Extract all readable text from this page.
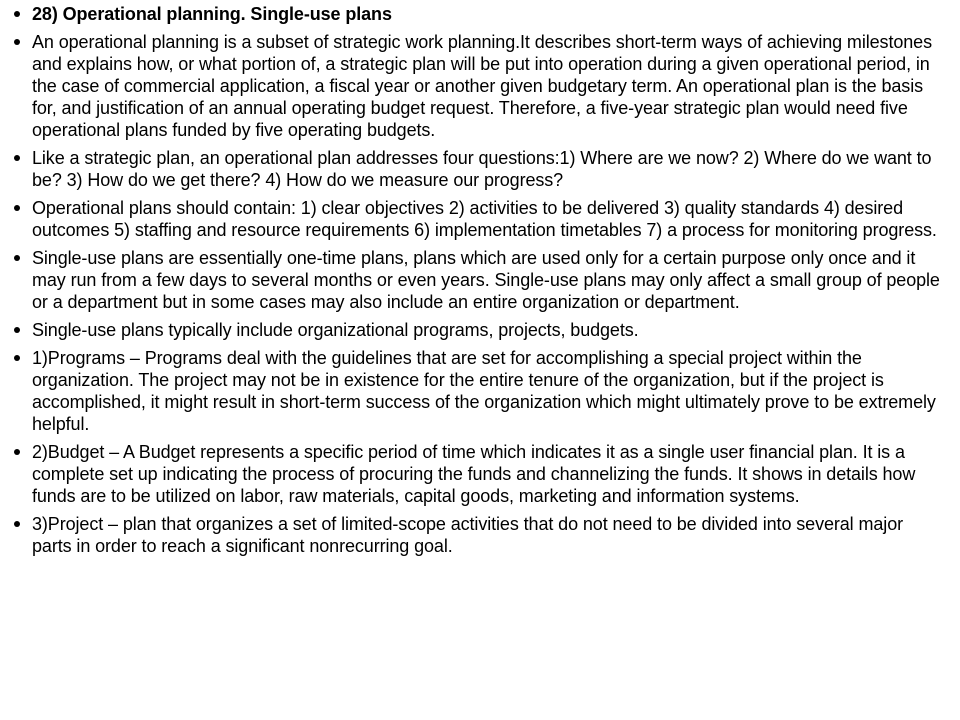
28) Operational planning. Single-use plans
An operational planning is a subset of strategic work planning.It describes short-term ways of achieving milestones and explains how, or what portion of, a strategic plan will be put into operation during a given operational period, in the case of commercial application, a fiscal year or another given budgetary term. An operational plan is the basis for, and justification of an annual operating budget request. Therefore, a five-year strategic plan would need five operational plans funded by five operating budgets.
Like a strategic plan, an operational plan addresses four questions:1) Where are we now? 2) Where do we want to be? 3) How do we get there? 4) How do we measure our progress?
Operational plans should contain: 1) clear objectives 2) activities to be delivered 3) quality standards 4) desired outcomes 5) staffing and resource requirements 6) implementation timetables 7) a process for monitoring progress.
Single-use plans are essentially one-time plans, plans which are used only for a certain purpose only once and it may run from a few days to several months or even years. Single-use plans may only affect a small group of people or a department but in some cases may also include an entire organization or department.
Single-use plans typically include organizational programs, projects, budgets.
1)Programs – Programs deal with the guidelines that are set for accomplishing a special project within the organization. The project may not be in existence for the entire tenure of the organization, but if the project is accomplished, it might result in short-term success of the organization which might ultimately prove to be extremely helpful.
2)Budget – A Budget represents a specific period of time which indicates it as a single user financial plan. It is a complete set up indicating the process of procuring the funds and channelizing the funds. It shows in details how funds are to be utilized on labor, raw materials, capital goods, marketing and information systems.
3)Project – plan that organizes a set of limited-scope activities that do not need to be divided into several major parts in order to reach a significant nonrecurring goal.
